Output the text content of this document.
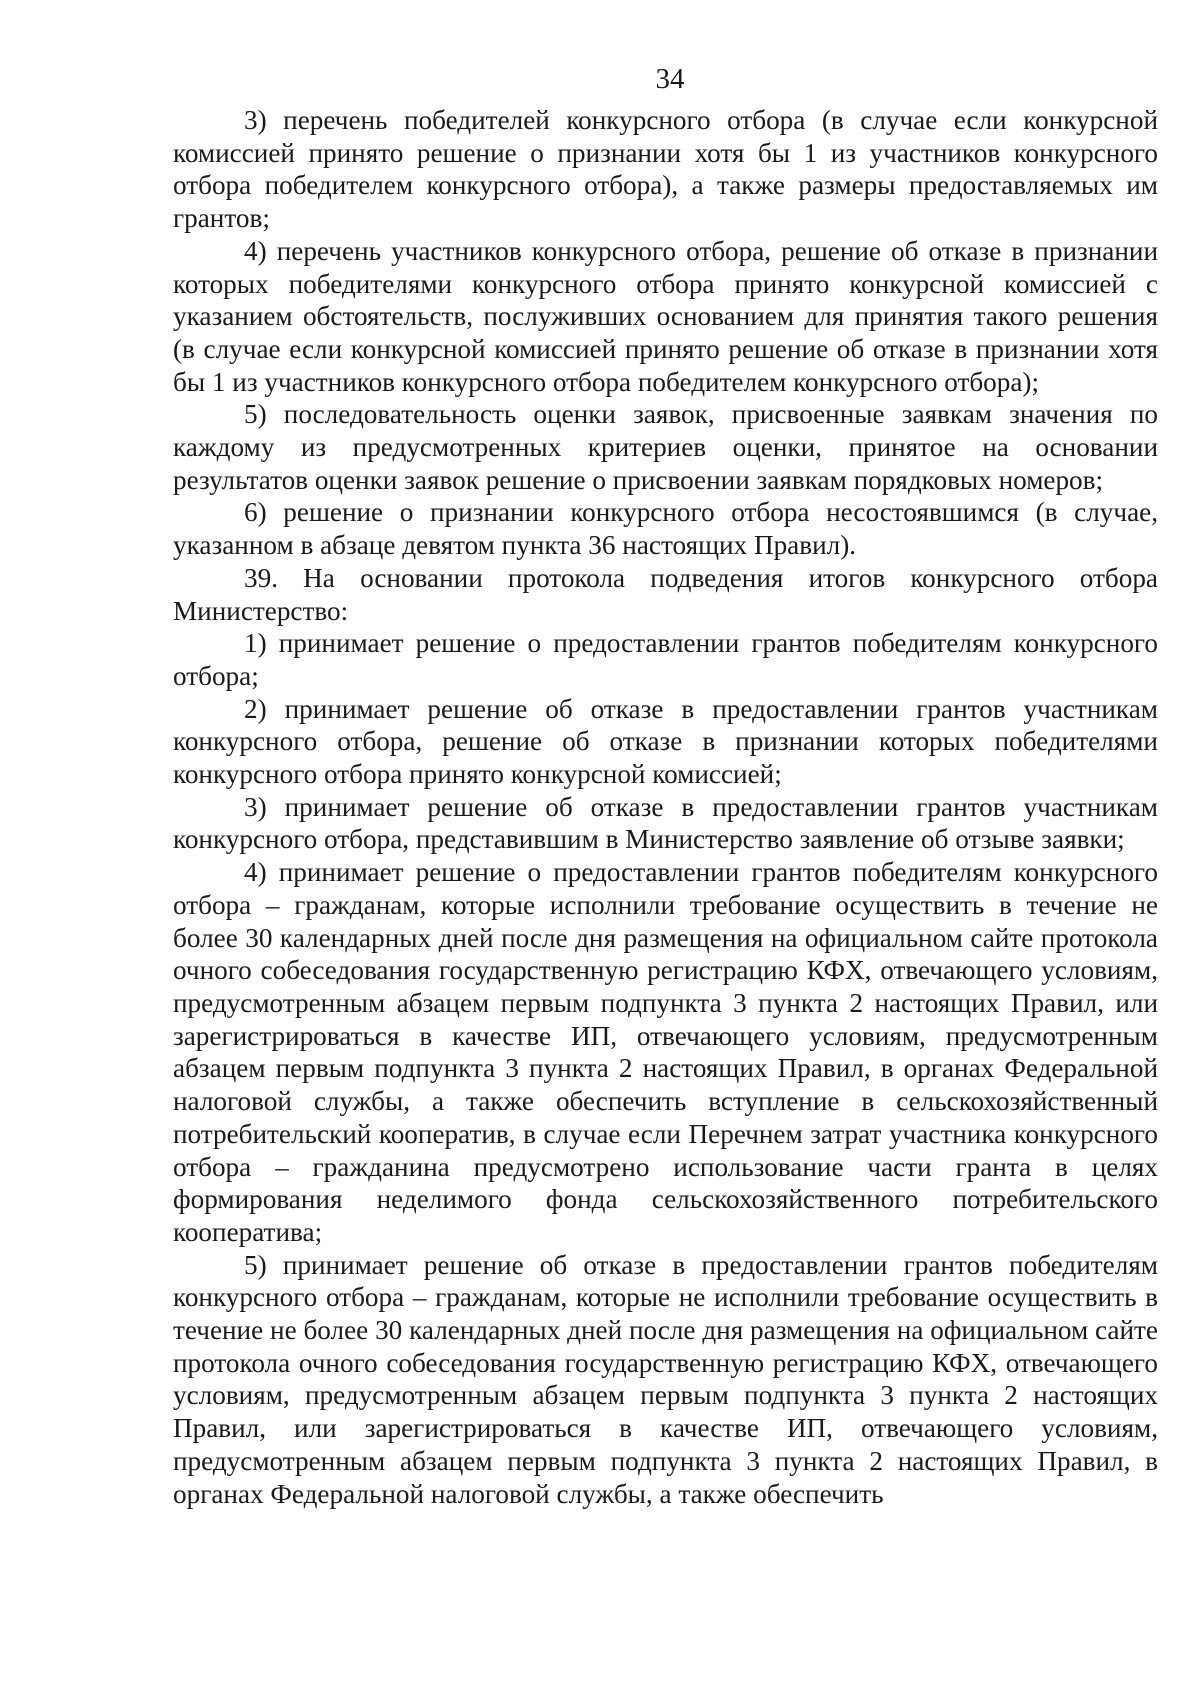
34

3) перечень победителей конкурсного отбора (в случае если конкурсной комиссией принято решение о признании хотя бы 1 из участников конкурсного отбора победителем конкурсного отбора), а также размеры предоставляемых им грантов;

4) перечень участников конкурсного отбора, решение об отказе в признании которых победителями конкурсного отбора принято конкурсной комиссией с указанием обстоятельств, послуживших основанием для принятия такого решения (в случае если конкурсной комиссией принято решение об отказе в признании хотя бы 1 из участников конкурсного отбора победителем конкурсного отбора);

5) последовательность оценки заявок, присвоенные заявкам значения по каждому из предусмотренных критериев оценки, принятое на основании результатов оценки заявок решение о присвоении заявкам порядковых номеров;

6) решение о признании конкурсного отбора несостоявшимся (в случае, указанном в абзаце девятом пункта 36 настоящих Правил).

39. На основании протокола подведения итогов конкурсного отбора Министерство:

1) принимает решение о предоставлении грантов победителям конкурсного отбора;

2) принимает решение об отказе в предоставлении грантов участникам конкурсного отбора, решение об отказе в признании которых победителями конкурсного отбора принято конкурсной комиссией;

3) принимает решение об отказе в предоставлении грантов участникам конкурсного отбора, представившим в Министерство заявление об отзыве заявки;

4) принимает решение о предоставлении грантов победителям конкурсного отбора – гражданам, которые исполнили требование осуществить в течение не более 30 календарных дней после дня размещения на официальном сайте протокола очного собеседования государственную регистрацию КФХ, отвечающего условиям, предусмотренным абзацем первым подпункта 3 пункта 2 настоящих Правил, или зарегистрироваться в качестве ИП, отвечающего условиям, предусмотренным абзацем первым подпункта 3 пункта 2 настоящих Правил, в органах Федеральной налоговой службы, а также обеспечить вступление в сельскохозяйственный потребительский кооператив, в случае если Перечнем затрат участника конкурсного отбора – гражданина предусмотрено использование части гранта в целях формирования неделимого фонда сельскохозяйственного потребительского кооператива;

5) принимает решение об отказе в предоставлении грантов победителям конкурсного отбора – гражданам, которые не исполнили требование осуществить в течение не более 30 календарных дней после дня размещения на официальном сайте протокола очного собеседования государственную регистрацию КФХ, отвечающего условиям, предусмотренным абзацем первым подпункта 3 пункта 2 настоящих Правил, или зарегистрироваться в качестве ИП, отвечающего условиям, предусмотренным абзацем первым подпункта 3 пункта 2 настоящих Правил, в органах Федеральной налоговой службы, а также обеспечить
